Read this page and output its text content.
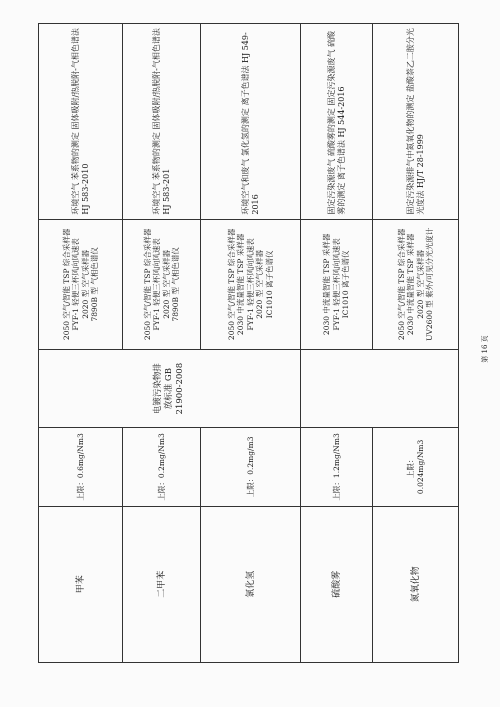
甲苯	上限：0.6mg/Nm3	电镀污染物排放标准 GB 21900-2008	2050 空气/智能 TSP 综合采样器 FYF-1 轻便三杯风向风速表 2020 型 空气采样器 7890B 型 气相色谱仪	环境空气 苯系物的测定 固体吸附/热脱附-气相色谱法 HJ 583-2010
二甲苯	上限：0.2mg/Nm3		2050 空气/智能 TSP 综合采样器 FYF-1 轻便三杯风向风速表 2020 型 空气采样器 7890B 型 气相色谱仪	环境空气 苯系物的测定 固体吸附/热脱附-气相色谱法 HJ 583-201
氯化氢	上限：0.2mg/m3		2050 空气/智能 TSP 综合采样器 2030 中流量智能 TSP 采样器 FYF-1 轻便三杯风向风速表 2020 型 空气采样器 IC1010 离子色谱仪	环境空气和废气 氯化氢的测定 离子色谱法 HJ 549-2016
硫酸雾	上限：1.2mg/Nm3		2030 中流量智能 TSP 采样器 FYF-1 轻便三杯风向风速表 IC1010 离子色谱仪	固定污染源废气 硫酸雾的测定 固定污染源废气 硫酸雾的测定 离子色谱法 HJ 544-2016
氮氧化物	上限：0.024mg/Nm3		2050 空气/智能 TSP 综合采样器 2030 中流量智能 TSP 采样器 2020 型 空气采样器 UV2600 型 紫外/可见分光光度计	固定污染源排气中氮氧化物的测定 盐酸萘乙二胺分光光度法 HJ/T 28-1999
第 16 页
